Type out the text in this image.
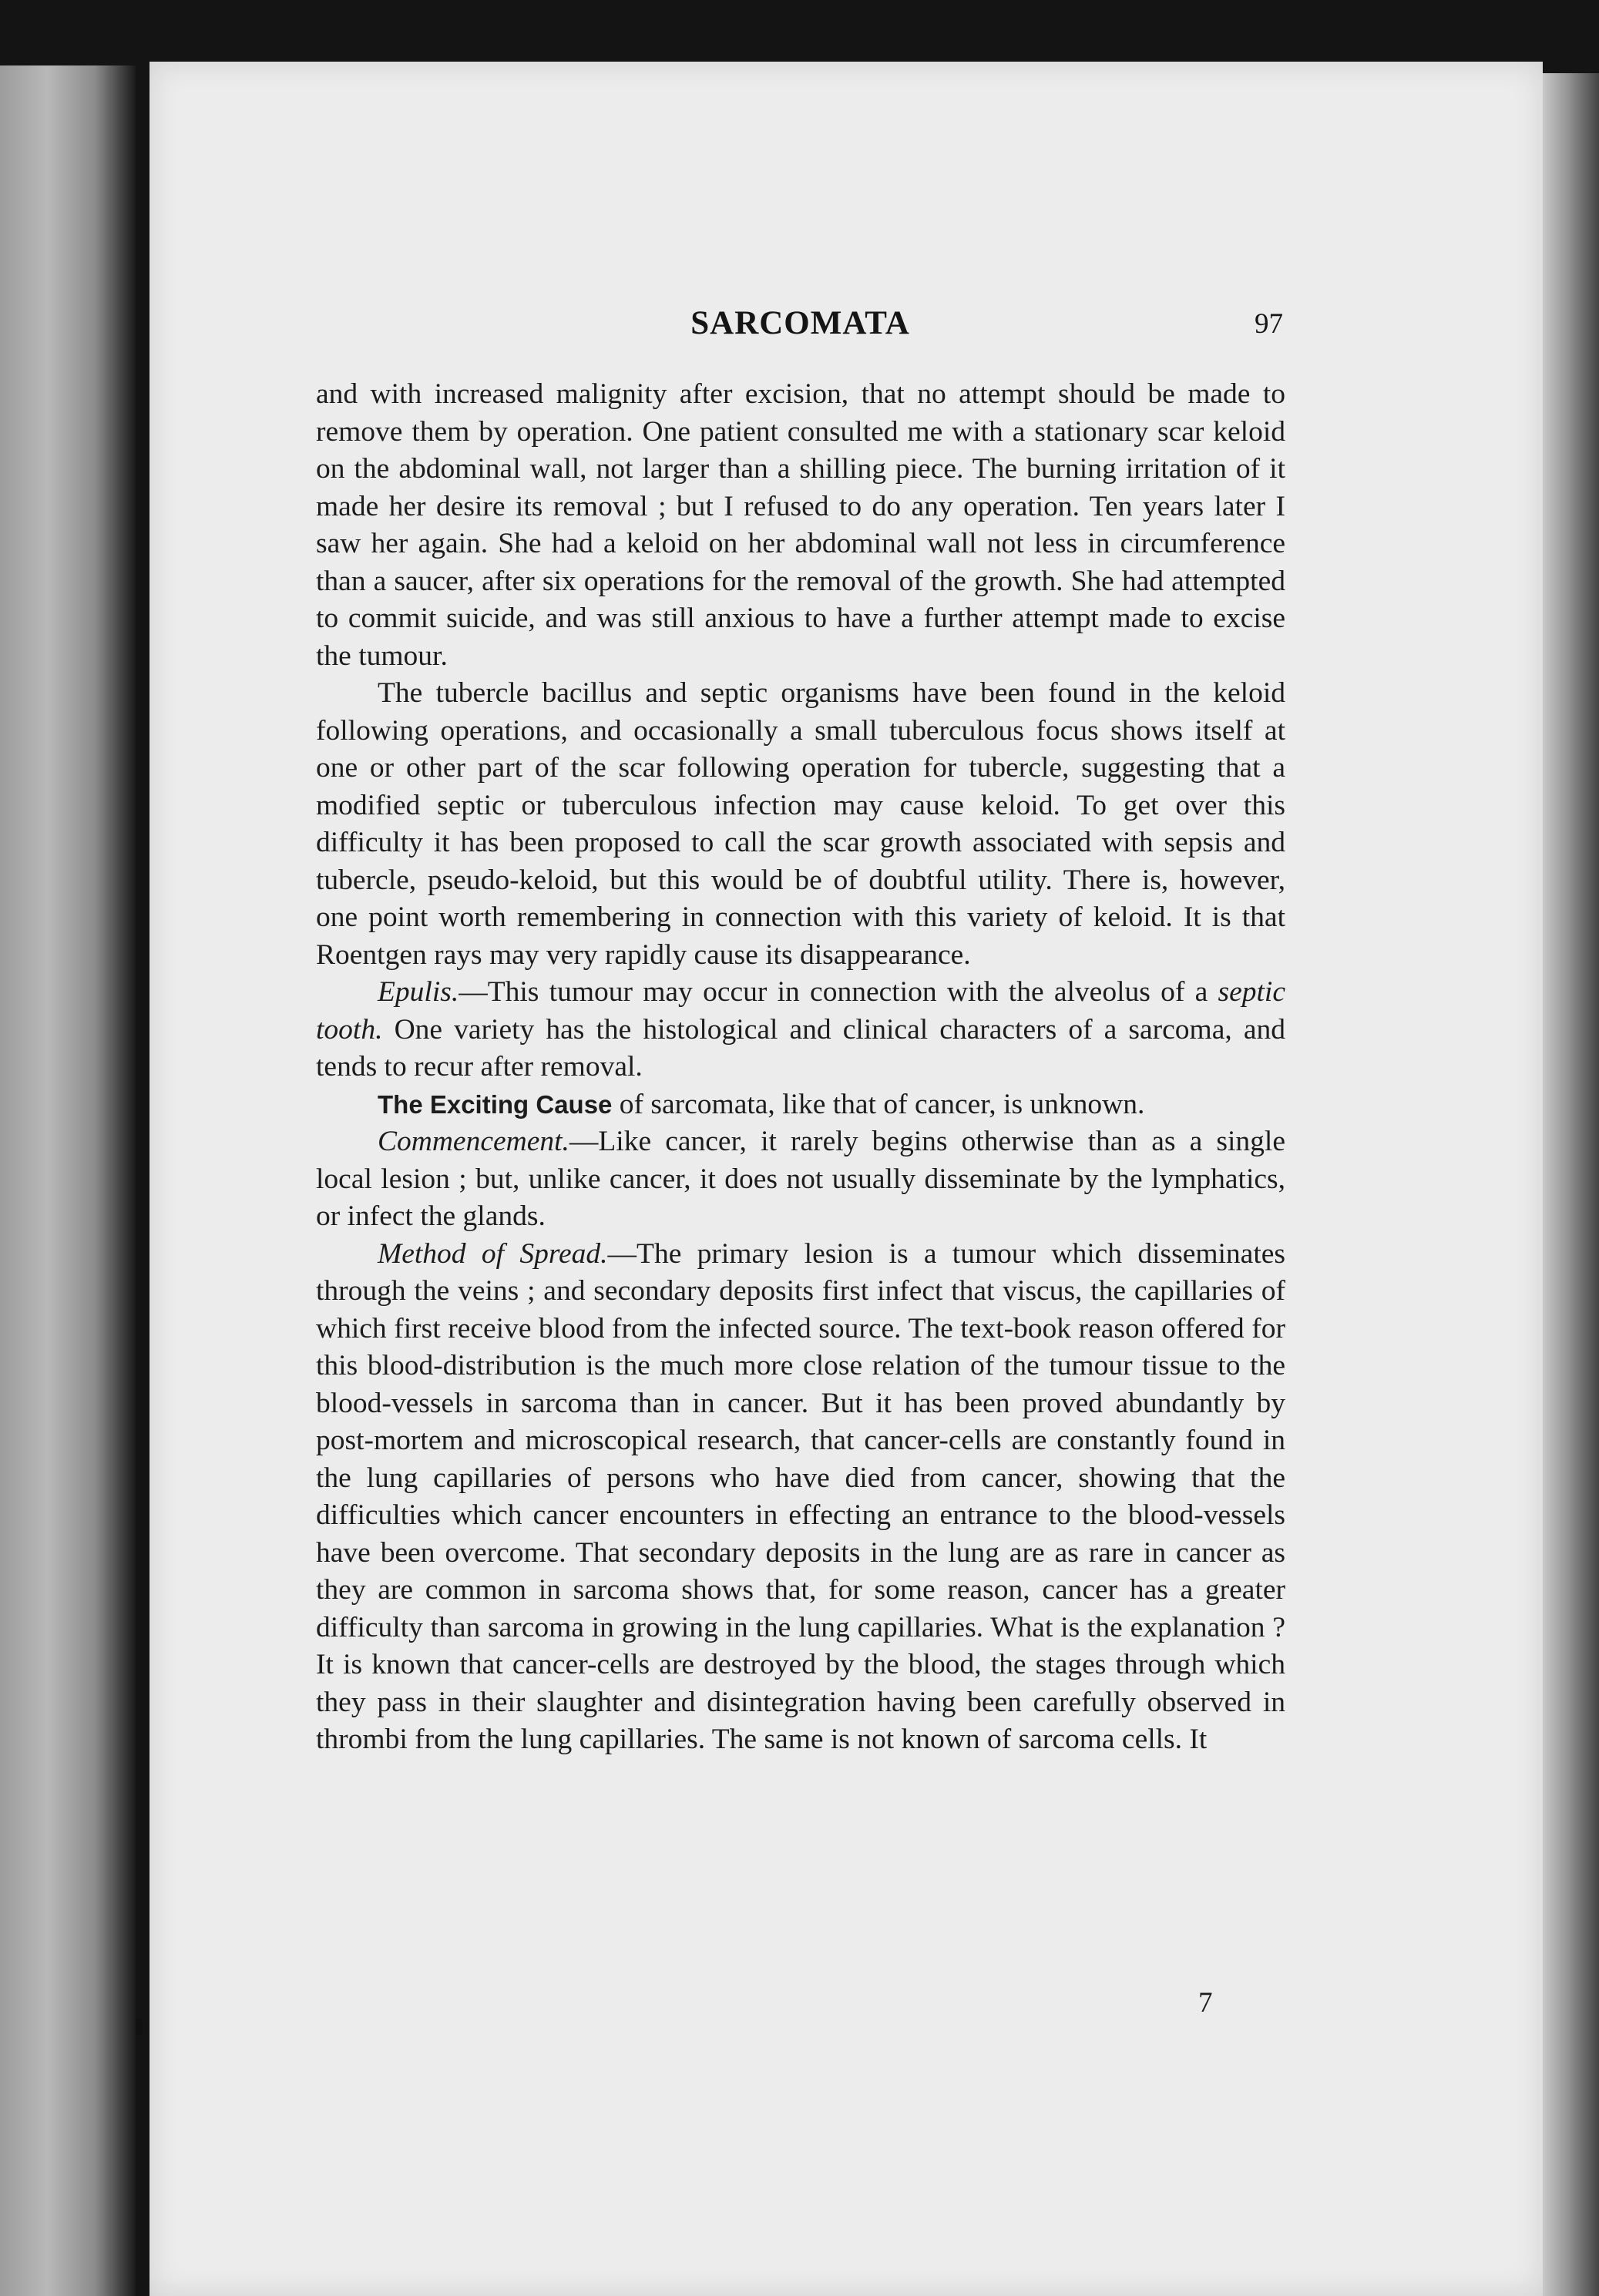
SARCOMATA	97

and with increased malignity after excision, that no attempt should be made to remove them by operation. One patient consulted me with a stationary scar keloid on the abdominal wall, not larger than a shilling piece. The burning irritation of it made her desire its removal ; but I refused to do any operation. Ten years later I saw her again. She had a keloid on her abdominal wall not less in circumference than a saucer, after six operations for the removal of the growth. She had attempted to commit suicide, and was still anxious to have a further attempt made to excise the tumour.

The tubercle bacillus and septic organisms have been found in the keloid following operations, and occasionally a small tuberculous focus shows itself at one or other part of the scar following operation for tubercle, suggesting that a modified septic or tuberculous infection may cause keloid. To get over this difficulty it has been proposed to call the scar growth associated with sepsis and tubercle, pseudo-keloid, but this would be of doubtful utility. There is, however, one point worth remembering in connection with this variety of keloid. It is that Roentgen rays may very rapidly cause its disappearance.

Epulis.—This tumour may occur in connection with the alveolus of a septic tooth. One variety has the histological and clinical characters of a sarcoma, and tends to recur after removal.

The Exciting Cause of sarcomata, like that of cancer, is unknown.

Commencement.—Like cancer, it rarely begins otherwise than as a single local lesion ; but, unlike cancer, it does not usually disseminate by the lymphatics, or infect the glands.

Method of Spread.—The primary lesion is a tumour which disseminates through the veins ; and secondary deposits first infect that viscus, the capillaries of which first receive blood from the infected source. The text-book reason offered for this blood-distribution is the much more close relation of the tumour tissue to the blood-vessels in sarcoma than in cancer. But it has been proved abundantly by post-mortem and microscopical research, that cancer-cells are constantly found in the lung capillaries of persons who have died from cancer, showing that the difficulties which cancer encounters in effecting an entrance to the blood-vessels have been overcome. That secondary deposits in the lung are as rare in cancer as they are common in sarcoma shows that, for some reason, cancer has a greater difficulty than sarcoma in growing in the lung capillaries. What is the explanation ? It is known that cancer-cells are destroyed by the blood, the stages through which they pass in their slaughter and disintegration having been carefully observed in thrombi from the lung capillaries. The same is not known of sarcoma cells. It

7
